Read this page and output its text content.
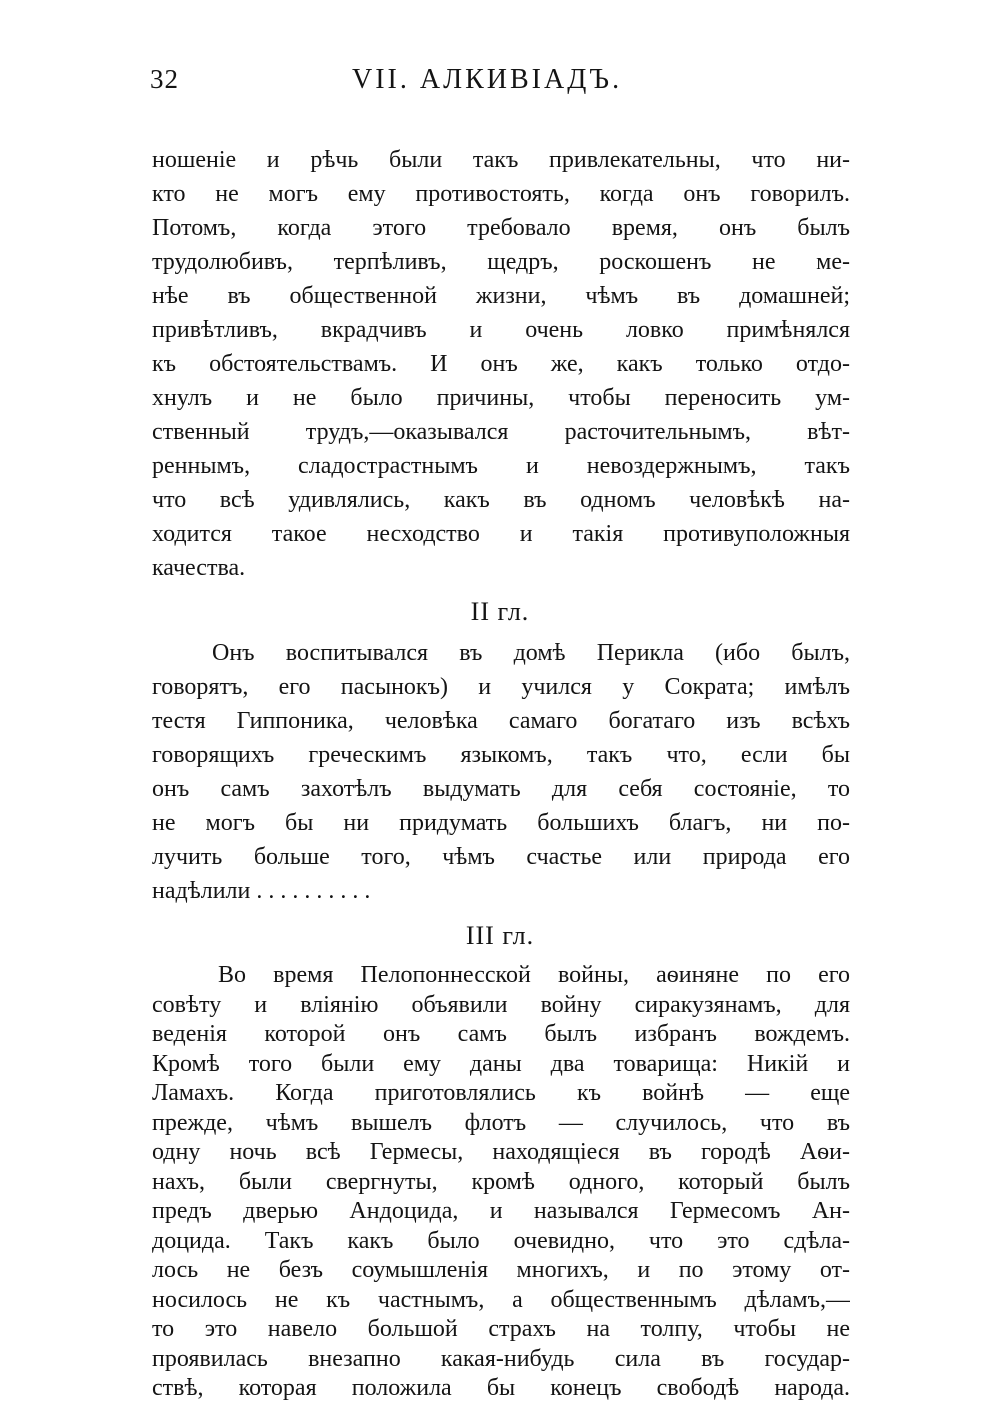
32	VII. АЛКИВІАДЪ.
ношеніе и рѣчь были такъ привлекательны, что ни-
кто не могъ ему противостоять, когда онъ говорилъ.
Потомъ, когда этого требовало время, онъ былъ
трудолюбивъ, терпѣливъ, щедръ, роскошенъ не ме-
нѣе въ общественной жизни, чѣмъ въ домашней;
привѣтливъ, вкрадчивъ и очень ловко примѣнялся
къ обстоятельствамъ. И онъ же, какъ только отдо-
хнулъ и не было причины, чтобы переносить ум-
ственный трудъ,—оказывался расточительнымъ, вѣт-
реннымъ, сладострастнымъ и невоздержнымъ, такъ
что всѣ удивлялись, какъ въ одномъ человѣкѣ на-
ходится такое несходство и такія противуположныя
качества.
II гл.
Онъ воспитывался въ домѣ Перикла (ибо былъ,
говорятъ, его пасынокъ) и учился у Сократа; имѣлъ
тестя Гиппоника, человѣка самаго богатаго изъ всѣхъ
говорящихъ греческимъ языкомъ, такъ что, если бы
онъ самъ захотѣлъ выдумать для себя состояніе, то
не могъ бы ни придумать большихъ благъ, ни по-
лучить больше того, чѣмъ счастье или природа его
надѣлили . . . . . . . . . .
III гл.
Во время Пелопоннесской войны, аѳиняне по его
совѣту и вліянію объявили войну сиракузянамъ, для
веденія которой онъ самъ былъ избранъ вождемъ.
Кромѣ того были ему даны два товарища: Никій и
Ламахъ. Когда приготовлялись къ войнѣ — еще
прежде, чѣмъ вышелъ флотъ — случилось, что въ
одну ночь всѣ Гермесы, находящіеся въ городѣ Аѳи-
нахъ, были свергнуты, кромѣ одного, который былъ
предъ дверью Андоцида, и назывался Гермесомъ Ан-
доцида. Такъ какъ было очевидно, что это сдѣла-
лось не безъ соумышленія многихъ, и по этому от-
носилось не къ частнымъ, а общественнымъ дѣламъ,—
то это навело большой страхъ на толпу, чтобы не
проявилась внезапно какая-нибудь сила въ государ-
ствѣ, которая положила бы конецъ свободѣ народа.
